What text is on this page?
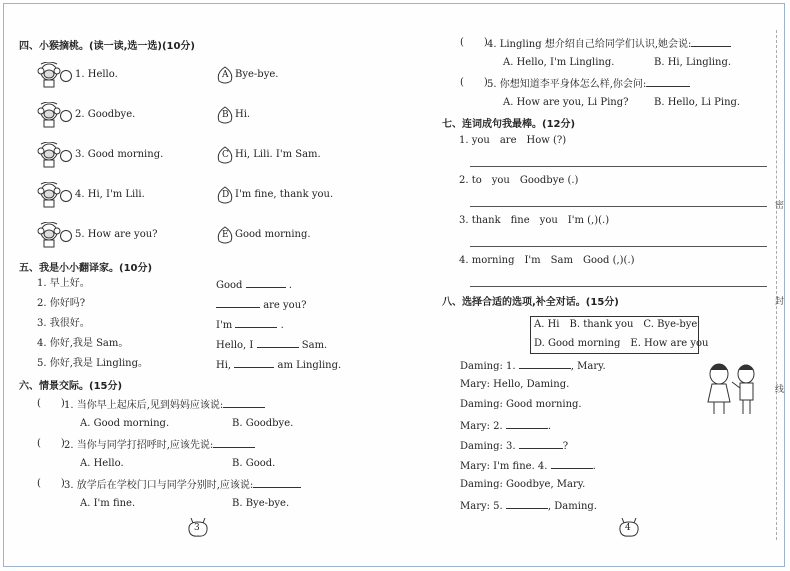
四、小猴摘桃。(读一读,选一选)(10分)
1. Hello.	A Bye-bye.
2. Goodbye.	B Hi.
3. Good morning.	C Hi, Lili. I'm Sam.
4. Hi, I'm Lili.	D I'm fine, thank you.
5. How are you?	E Good morning.
五、我是小小翻译家。(10分)
1. 早上好。	Good	.
2. 你好吗?	are you?
3. 我很好。	I'm	.
4. 你好,我是 Sam。	Hello, I	Sam.
5. 你好,我是 Lingling。	Hi,	am Lingling.
六、情景交际。(15分)
(　　) 1. 当你早上起床后,见到妈妈应该说:
A. Good morning.	B. Goodbye.
(　　) 2. 当你与同学打招呼时,应该先说:
A. Hello.	B. Good.
(　　) 3. 放学后在学校门口与同学分别时,应该说:
A. I'm fine.	B. Bye-bye.
(　　) 4. Lingling 想介绍自己给同学们认识,她会说:
A. Hello, I'm Lingling.	B. Hi, Lingling.
(　　) 5. 你想知道李平身体怎么样,你会问:
A. How are you, Li Ping?	B. Hello, Li Ping.
七、连词成句我最棒。(12分)
1. you　are　How (?)
2. to　you　Goodbye (.)
3. thank　fine　you　I'm (,)(.)
4. morning　I'm　Sam　Good (,)(.)
八、选择合适的选项,补全对话。(15分)
A. Hi　B. thank you　C. Bye-bye
D. Good morning　E. How are you
Daming: 1.	, Mary.
Mary: Hello, Daming.
Daming: Good morning.
Mary: 2.	.
Daming: 3.	?
Mary: I'm fine. 4.	.
Daming: Goodbye, Mary.
Mary: 5.	, Daming.
3	4
密
封
线
